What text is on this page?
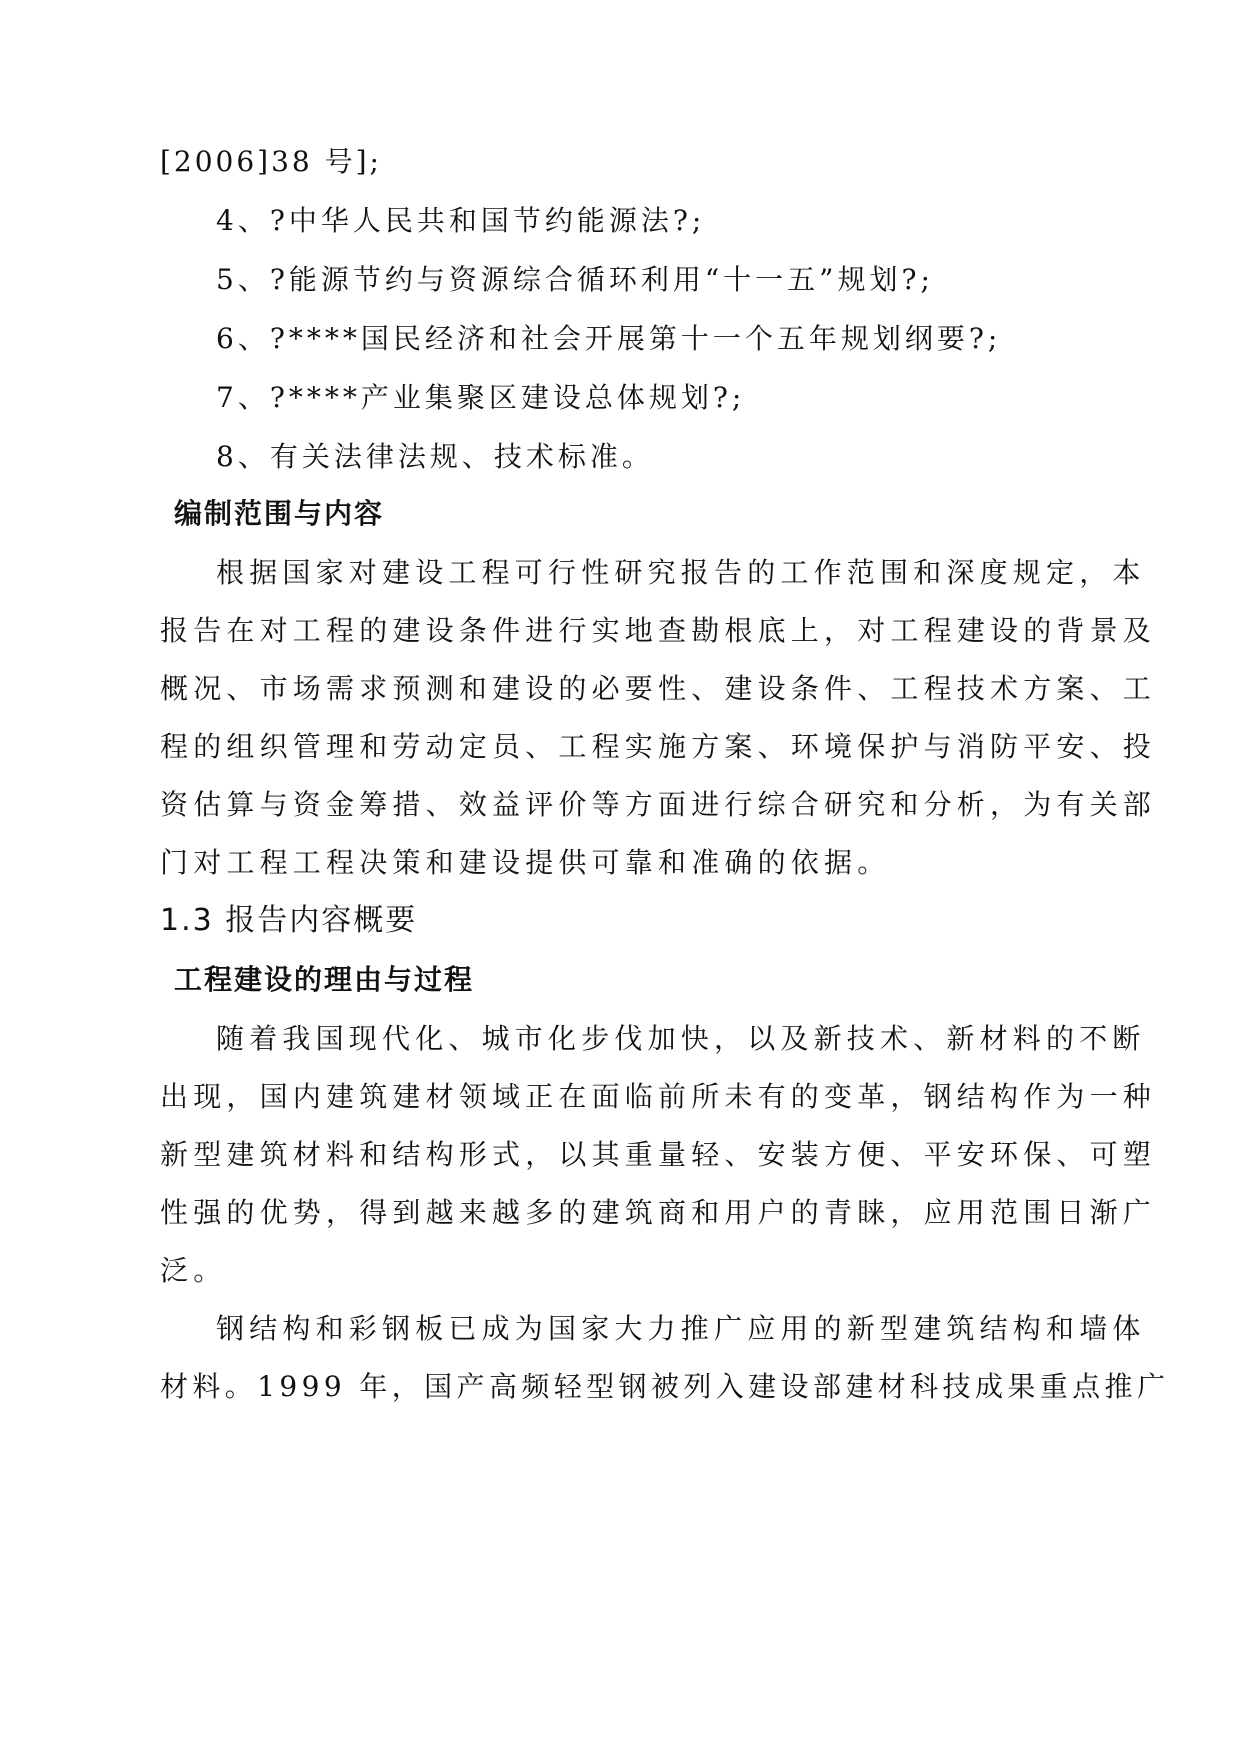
[2006]38 号];
4、?中华人民共和国节约能源法?;
5、?能源节约与资源综合循环利用“十一五”规划?;
6、?****国民经济和社会开展第十一个五年规划纲要?;
7、?****产业集聚区建设总体规划?;
8、有关法律法规、技术标准。
编制范围与内容
根据国家对建设工程可行性研究报告的工作范围和深度规定，本
报告在对工程的建设条件进行实地查勘根底上，对工程建设的背景及
概况、市场需求预测和建设的必要性、建设条件、工程技术方案、工
程的组织管理和劳动定员、工程实施方案、环境保护与消防平安、投
资估算与资金筹措、效益评价等方面进行综合研究和分析，为有关部
门对工程工程决策和建设提供可靠和准确的依据。
1.3 报告内容概要
工程建设的理由与过程
随着我国现代化、城市化步伐加快，以及新技术、新材料的不断
出现，国内建筑建材领域正在面临前所未有的变革，钢结构作为一种
新型建筑材料和结构形式，以其重量轻、安装方便、平安环保、可塑
性强的优势，得到越来越多的建筑商和用户的青睐，应用范围日渐广
泛。
钢结构和彩钢板已成为国家大力推广应用的新型建筑结构和墙体
材料。1999 年，国产高频轻型钢被列入建设部建材科技成果重点推广
